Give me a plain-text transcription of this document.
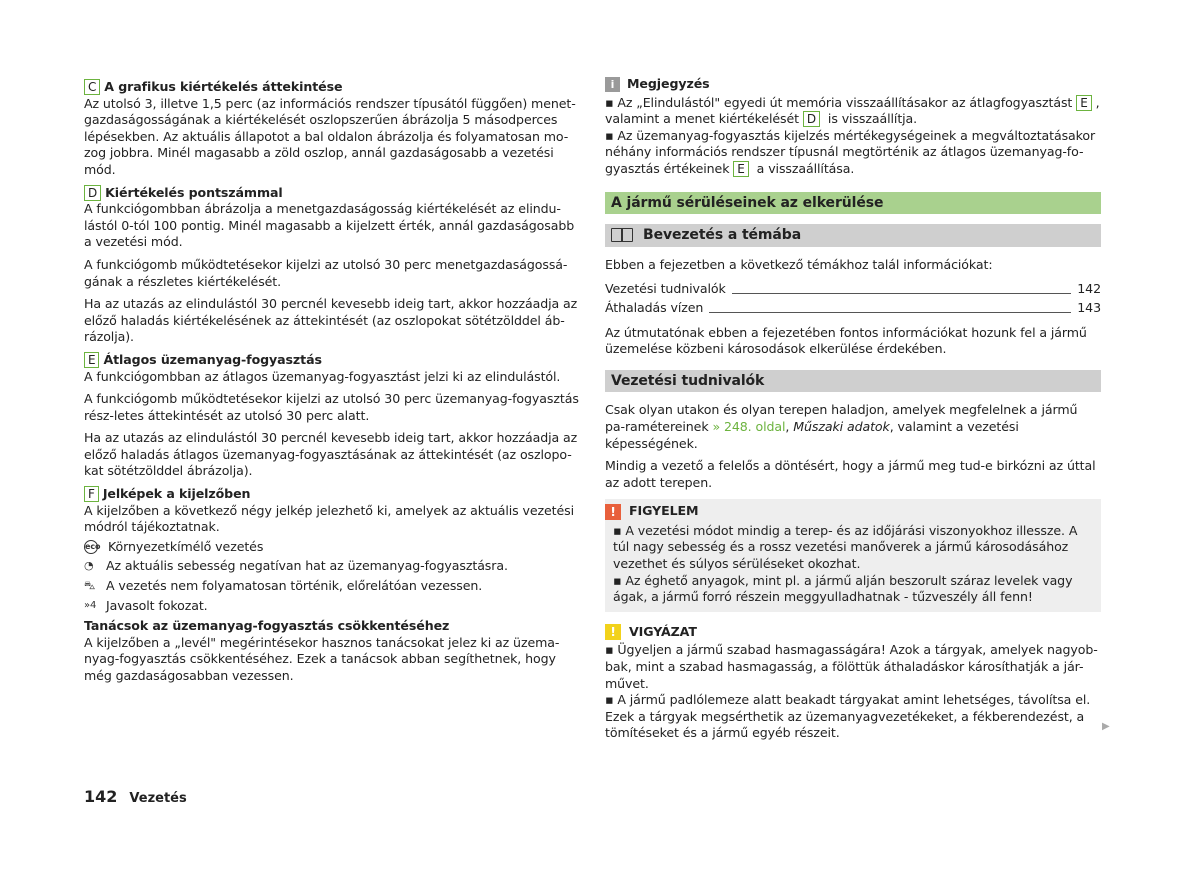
C A grafikus kiértékelés áttekintése

Az utolsó 3, illetve 1,5 perc (az információs rendszer típusától függően) menet-gazdaságosságának a kiértékelését oszlopszerűen ábrázolja 5 másodperces lépésekben. Az aktuális állapotot a bal oldalon ábrázolja és folyamatosan mo-zog jobbra. Minél magasabb a zöld oszlop, annál gazdaságosabb a vezetési mód.

D Kiértékelés pontszámmal

A funkciógombban ábrázolja a menetgazdaságosság kiértékelését az elindu-lástól 0-tól 100 pontig. Minél magasabb a kijelzett érték, annál gazdaságosabb a vezetési mód.

A funkciógomb működtetésekor kijelzi az utolsó 30 perc menetgazdaságossá-gának a részletes kiértékelését.

Ha az utazás az elindulástól 30 percnél kevesebb ideig tart, akkor hozzáadja az előző haladás kiértékelésének az áttekintését (az oszlopokat sötétzölddel áb-rázolja).

E Átlagos üzemanyag-fogyasztás

A funkciógombban az átlagos üzemanyag-fogyasztást jelzi ki az elindulástól.

A funkciógomb működtetésekor kijelzi az utolsó 30 perc üzemanyag-fogyasztás rész-letes áttekintését az utolsó 30 perc alatt.

Ha az utazás az elindulástól 30 percnél kevesebb ideig tart, akkor hozzáadja az előző haladás átlagos üzemanyag-fogyasztásának az áttekintését (az oszlopo-kat sötétzölddel ábrázolja).

F Jelképek a kijelzőben

A kijelzőben a következő négy jelkép jelezhető ki, amelyek az aktuális vezetési módról tájékoztatnak.

eco Környezetkímélő vezetés
◔ Az aktuális sebesség negatívan hat az üzemanyag-fogyasztásra.
⛍ A vezetés nem folyamatosan történik, előrelátóan vezessen.
»4 Javasolt fokozat.
Tanácsok az üzemanyag-fogyasztás csökkentéséhez

A kijelzőben a „levél" megérintésekor hasznos tanácsokat jelez ki az üzema-nyag-fogyasztás csökkentéséhez. Ezek a tanácsok abban segíthetnek, hogy még gazdaságosabban vezessen.

i	Megjegyzés
▪ Az „Elindulástól" egyedi út memória visszaállításakor az átlagfogyasztást E ,
valamint a menet kiértékelését D is visszaállítja.
▪ Az üzemanyag-fogyasztás kijelzés mértékegységeinek a megváltoztatásakor néhány információs rendszer típusnál megtörténik az átlagos üzemanyag-fo-gyasztás értékeinek E a visszaállítása.
A jármű sérüléseinek az elkerülése
Bevezetés a témába

Ebben a fejezetben a következő témákhoz talál információkat:

Vezetési tudnivalók	142
Áthaladás vízen	143

Az útmutatónak ebben a fejezetében fontos információkat hozunk fel a jármű üzemelése közbeni károsodások elkerülése érdekében.

Vezetési tudnivalók

Csak olyan utakon és olyan terepen haladjon, amelyek megfelelnek a jármű pa-ramétereinek » 248. oldal, Műszaki adatok, valamint a vezetési képességének.

Mindig a vezető a felelős a döntésért, hogy a jármű meg tud-e birkózni az úttal az adott terepen.

!	FIGYELEM
▪ A vezetési módot mindig a terep- és az időjárási viszonyokhoz illessze. A túl nagy sebesség és a rossz vezetési manőverek a jármű károsodásához vezethet és súlyos sérüléseket okozhat.
▪ Az éghető anyagok, mint pl. a jármű alján beszorult száraz levelek vagy ágak, a jármű forró részein meggyulladhatnak - tűzveszély áll fenn!
!	VIGYÁZAT
▪ Ügyeljen a jármű szabad hasmagasságára! Azok a tárgyak, amelyek nagyob-bak, mint a szabad hasmagasság, a fölöttük áthaladáskor károsíthatják a jár-művet.
▪ A jármű padlólemeze alatt beakadt tárgyakat amint lehetséges, távolítsa el. Ezek a tárgyak megsérthetik az üzemanyagvezetékeket, a fékberendezést, a tömítéseket és a jármű egyéb részeit.	▶
142 Vezetés
